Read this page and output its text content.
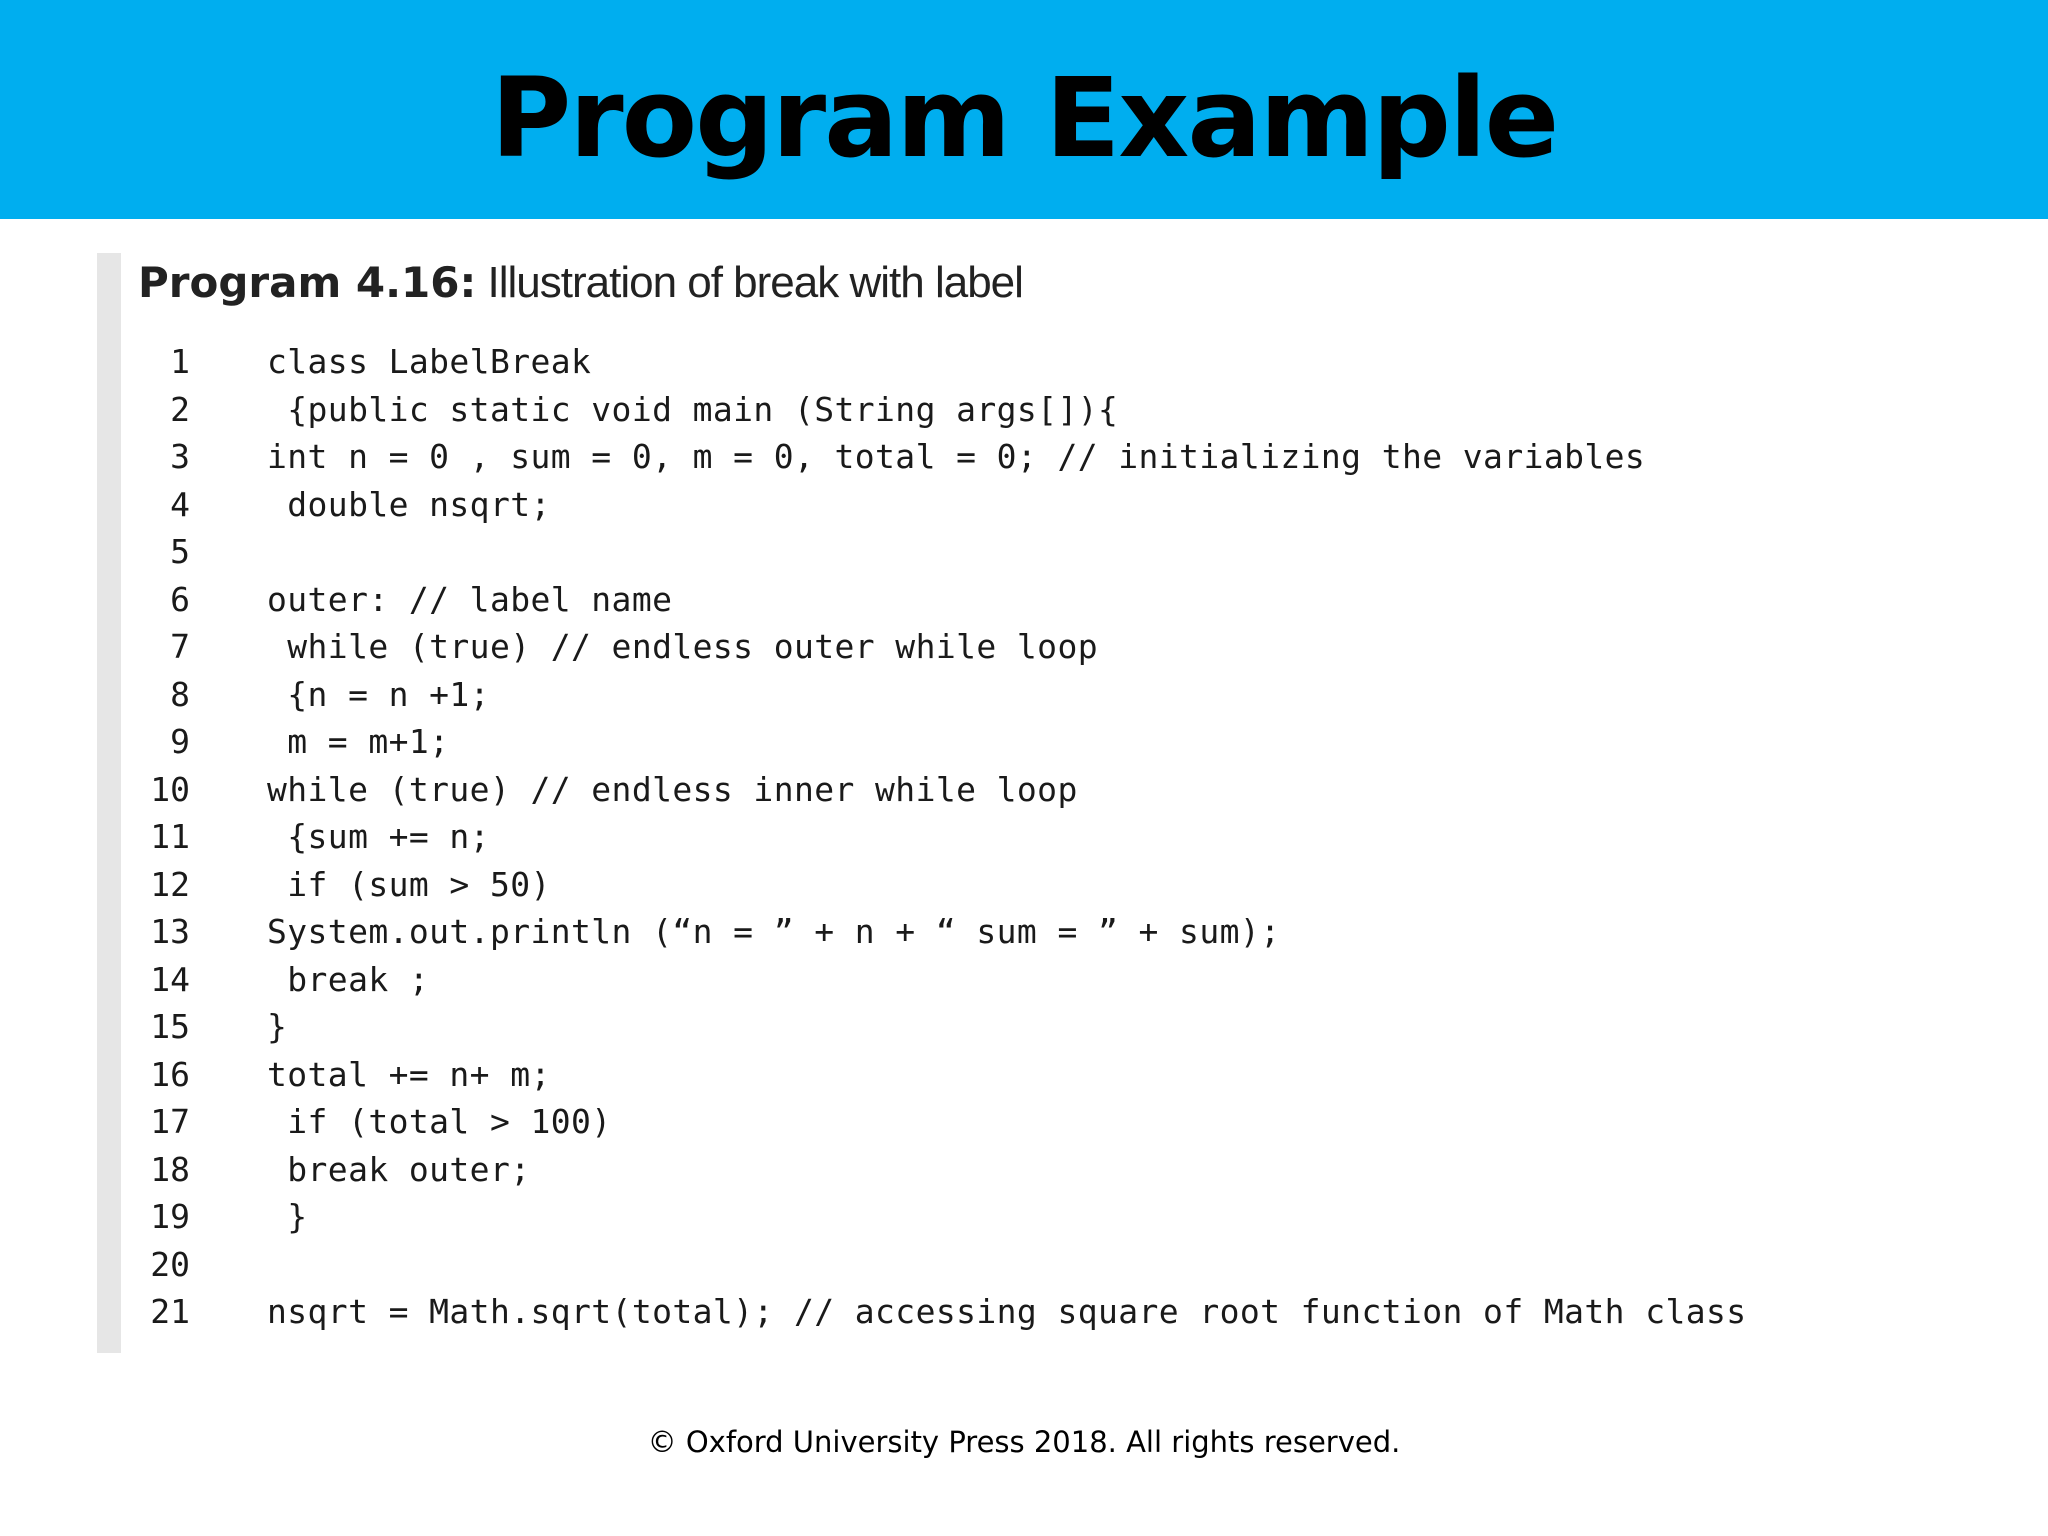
Program Example
Program 4.16: Illustration of break with label
1 class LabelBreak
2 {public static void main (String args[]){
3 int n = 0 , sum = 0, m = 0, total = 0; // initializing the variables
4 double nsqrt;
5
6 outer: // label name
7 while (true) // endless outer while loop
8 {n = n +1;
9 m = m+1;
10 while (true) // endless inner while loop
11 {sum += n;
12 if (sum > 50)
13 System.out.println (“n = ” + n + “ sum = ” + sum);
14 break ;
15 }
16 total += n+ m;
17 if (total > 100)
18 break outer;
19 }
20
21 nsqrt = Math.sqrt(total); // accessing square root function of Math class
© Oxford University Press 2018. All rights reserved.
